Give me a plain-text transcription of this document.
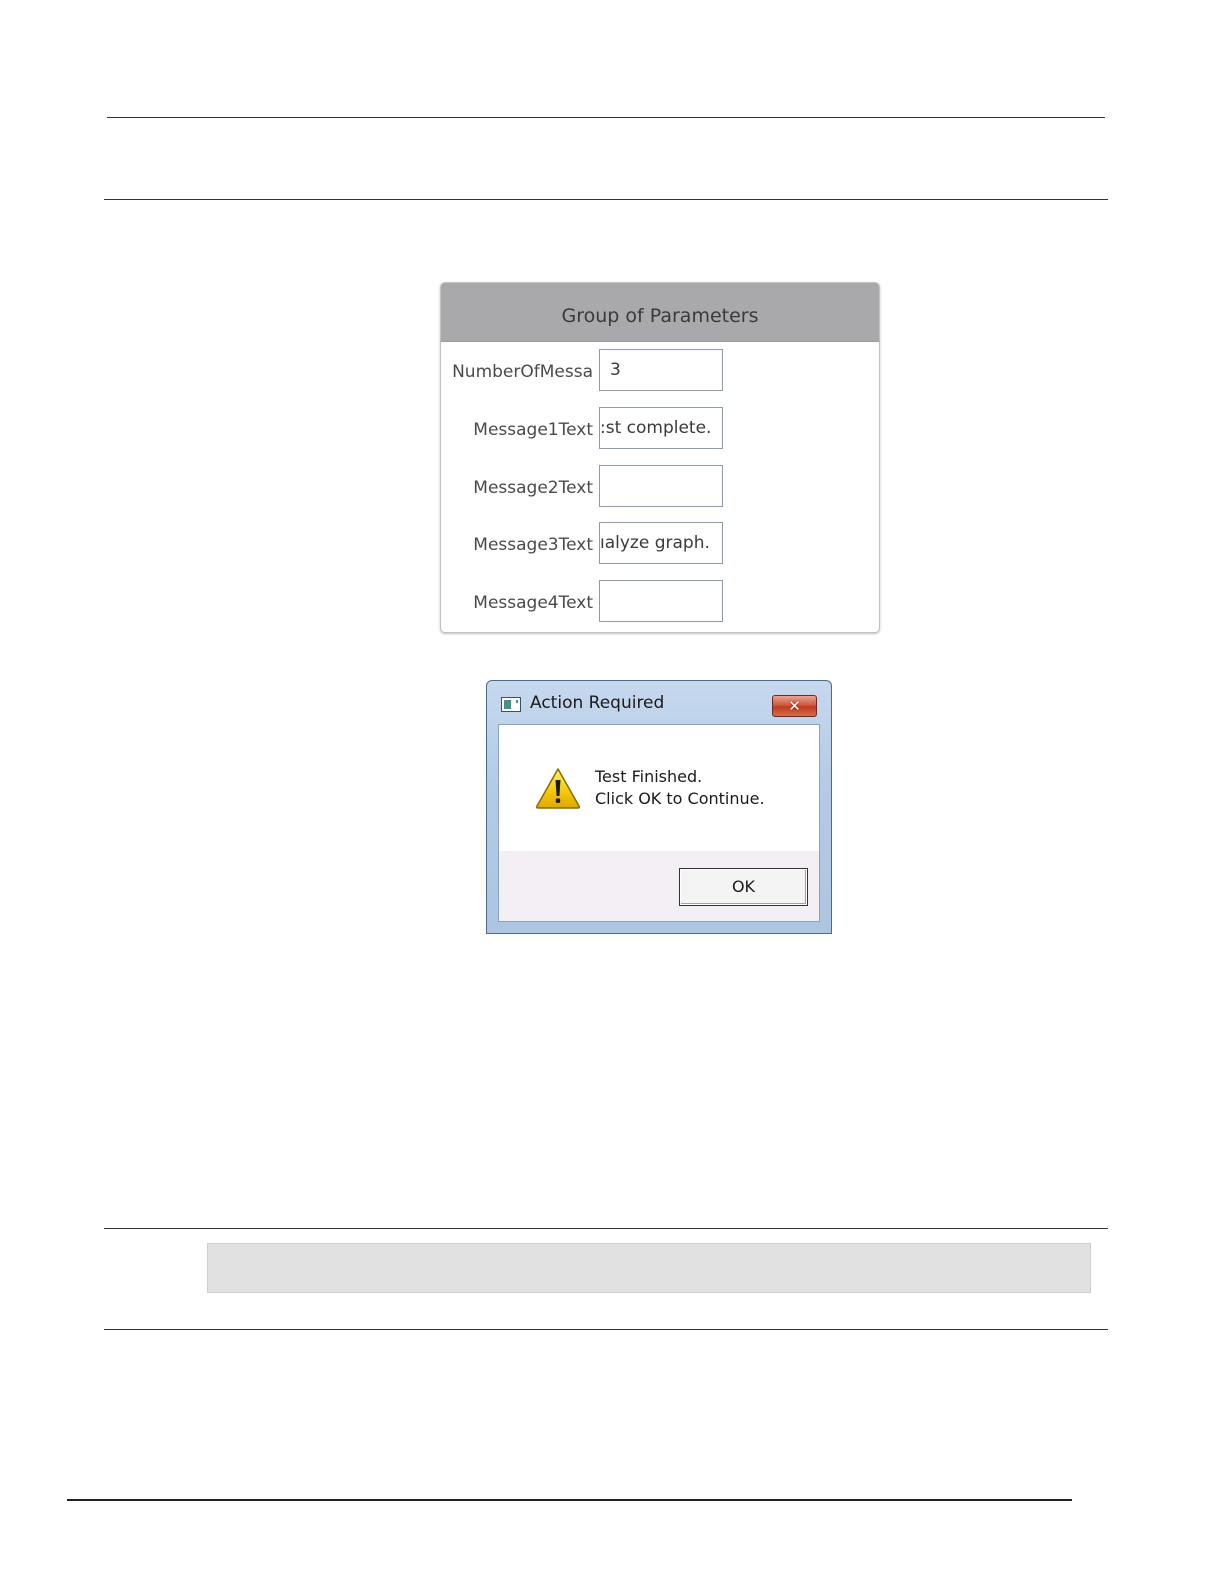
Group of Parameters
NumberOfMessa	3
Message1Text :st complete.
Message2Text
Message3Text ıalyze graph.
Message4Text
Action Required	✕
Test Finished.
Click OK to Continue.
OK
